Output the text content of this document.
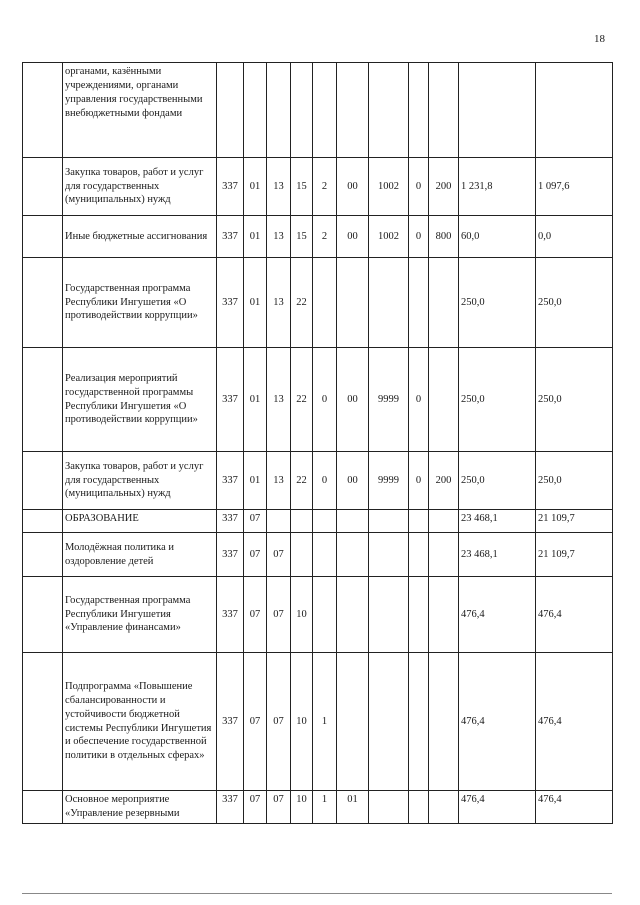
18
	органами, казёнными учреждениями, органами управления государственными внебюджетными фондами											
	Закупка товаров, работ и услуг для государственных (муниципальных) нужд	337	01	13	15	2	00	1002	0	200	1 231,8	1 097,6
	Иные бюджетные ассигнования	337	01	13	15	2	00	1002	0	800	60,0	0,0
	Государственная программа Республики Ингушетия «О противодействии коррупции»	337	01	13	22						250,0	250,0
	Реализация мероприятий государственной программы Республики Ингушетия «О противодействии коррупции»	337	01	13	22	0	00	9999	0		250,0	250,0
	Закупка товаров, работ и услуг для государственных (муниципальных) нужд	337	01	13	22	0	00	9999	0	200	250,0	250,0
	ОБРАЗОВАНИЕ	337	07								23 468,1	21 109,7
	Молодёжная политика и оздоровление детей	337	07	07							23 468,1	21 109,7
	Государственная программа Республики Ингушетия «Управление финансами»	337	07	07	10						476,4	476,4
	Подпрограмма «Повышение сбалансированности и устойчивости бюджетной системы Республики Ингушетия и обеспечение государственной политики в отдельных сферах»	337	07	07	10	1					476,4	476,4
	Основное мероприятие «Управление резервными	337	07	07	10	1	01				476,4	476,4
